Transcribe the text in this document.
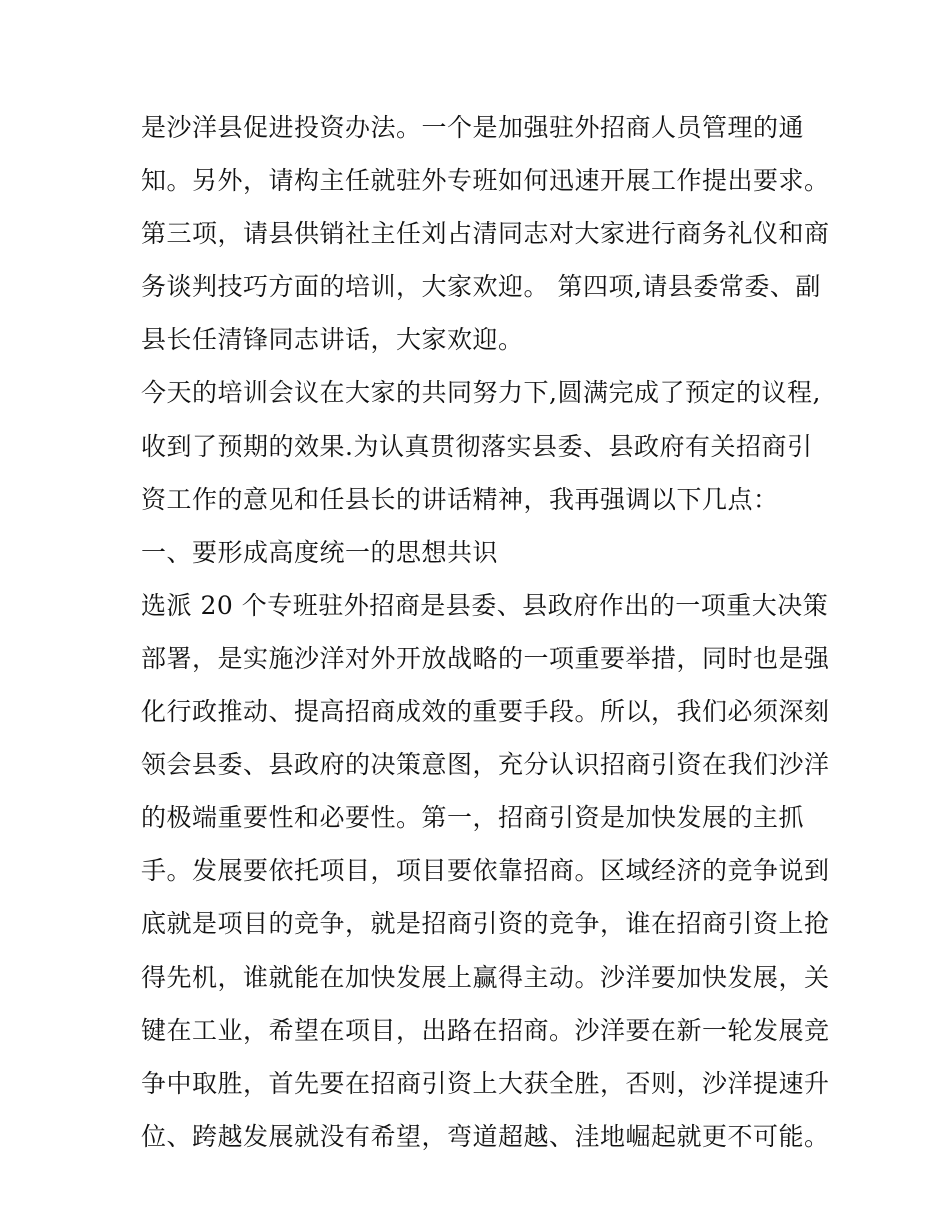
是沙洋县促进投资办法。一个是加强驻外招商人员管理的通
知。另外，请构主任就驻外专班如何迅速开展工作提出要求。
第三项，请县供销社主任刘占清同志对大家进行商务礼仪和商
务谈判技巧方面的培训，大家欢迎。 第四项,请县委常委、副
县长任清锋同志讲话，大家欢迎。
今天的培训会议在大家的共同努力下,圆满完成了预定的议程,
收到了预期的效果.为认真贯彻落实县委、县政府有关招商引
资工作的意见和任县长的讲话精神，我再强调以下几点：
一、要形成高度统一的思想共识
选派 20 个专班驻外招商是县委、县政府作出的一项重大决策
部署，是实施沙洋对外开放战略的一项重要举措，同时也是强
化行政推动、提高招商成效的重要手段。所以，我们必须深刻
领会县委、县政府的决策意图，充分认识招商引资在我们沙洋
的极端重要性和必要性。第一，招商引资是加快发展的主抓
手。发展要依托项目，项目要依靠招商。区域经济的竞争说到
底就是项目的竞争，就是招商引资的竞争，谁在招商引资上抢
得先机，谁就能在加快发展上赢得主动。沙洋要加快发展，关
键在工业，希望在项目，出路在招商。沙洋要在新一轮发展竞
争中取胜，首先要在招商引资上大获全胜，否则，沙洋提速升
位、跨越发展就没有希望，弯道超越、洼地崛起就更不可能。
